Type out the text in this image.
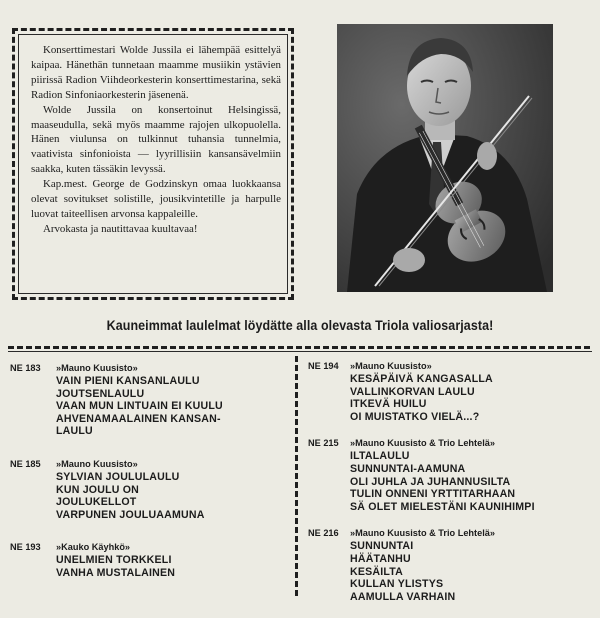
Konserttimestari Wolde Jussila ei lähempää esittelyä kaipaa. Hänethän tunnetaan maamme musiikin ystävien piirissä Radion Viihdeorkesterin konserttimestarina, sekä Radion Sinfoniaorkesterin jäsenenä.

Wolde Jussila on konsertoinut Helsingissä, maaseudulla, sekä myös maamme rajojen ulkopuolella. Hänen viulunsa on tulkinnut tuhansia tunnelmia, vaativista sinfonioista — lyyrillisiin kansansävelmiin saakka, kuten tässäkin levyssä.

Kap.mest. George de Godzinskyn omaa luokkaansa olevat sovitukset solistille, jousikvintetille ja harpulle luovat taiteellisen arvonsa kappaleille.

Arvokasta ja nautittavaa kuultavaa!

Kauneimmat laulelmat löydätte alla olevasta Triola valiosarjasta!
NE 183 »Mauno Kuusisto»
VAIN PIENI KANSANLAULU
JOUTSENLAULU
VAAN MUN LINTUAIN EI KUULU
AHVENAMAALAINEN KANSAN-
LAULU
NE 185 »Mauno Kuusisto»
SYLVIAN JOULULAULU
KUN JOULU ON
JOULUKELLOT
VARPUNEN JOULUAAMUNA
NE 193 »Kauko Käyhkö»
UNELMIEN TORKKELI
VANHA MUSTALAINEN
NE 194 »Mauno Kuusisto»
KESÄPÄIVÄ KANGASALLA
VALLINKORVAN LAULU
ITKEVÄ HUILU
OI MUISTATKO VIELÄ...?
NE 215 »Mauno Kuusisto & Trio Lehtelä»
ILTALAULU
SUNNUNTAI-AAMUNA
OLI JUHLA JA JUHANNUSILTA
TULIN ONNENI YRTTITARHAAN
SÄ OLET MIELESTÄNI KAUNIHIMPI
NE 216 »Mauno Kuusisto & Trio Lehtelä»
SUNNUNTAI
HÄÄTANHU
KESÄILTA
KULLAN YLISTYS
AAMULLA VARHAIN
